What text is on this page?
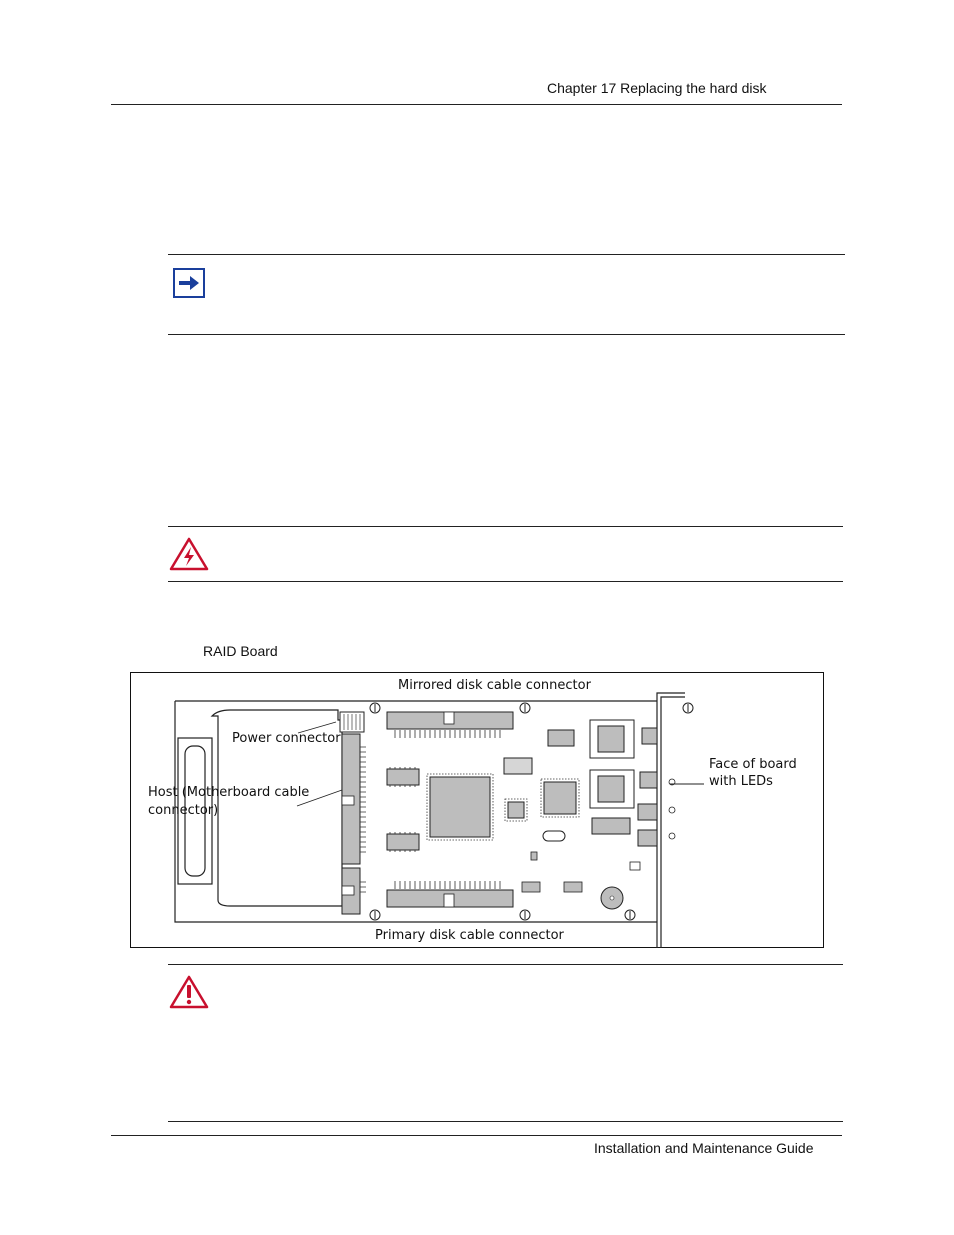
Chapter 17 Replacing the hard disk
RAID Board
Mirrored disk cable connector
Power connector
Host (Motherboard cable
connector)
Face of board
with LEDs
Primary disk cable connector
Installation and Maintenance Guide
